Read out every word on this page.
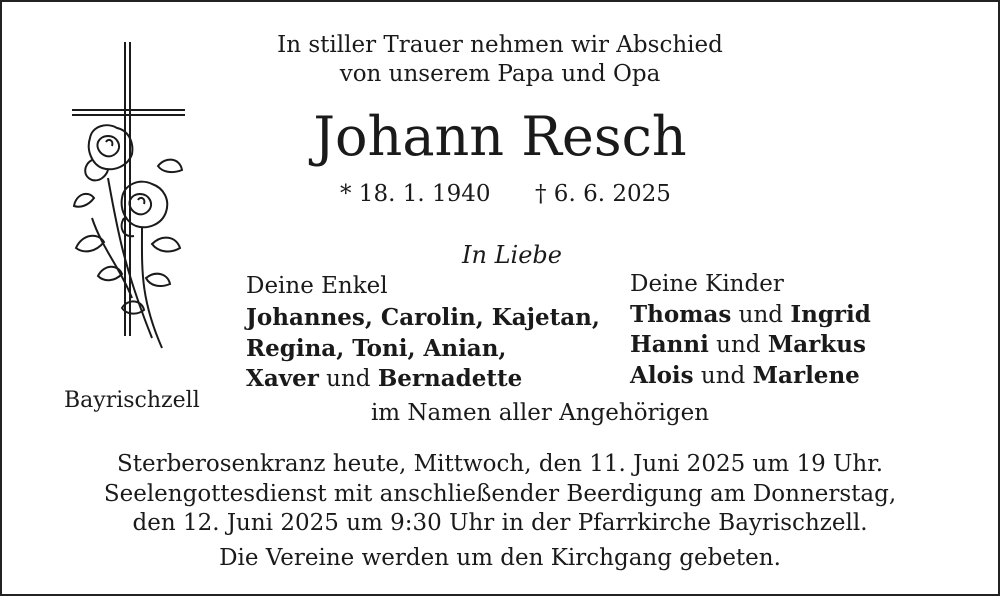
In stiller Trauer nehmen wir Abschied
von unserem Papa und Opa
Johann Resch
* 18. 1. 1940 † 6. 6. 2025
In Liebe
Deine Enkel
Johannes, Carolin, Kajetan,
Regina, Toni, Anian,
Xaver und Bernadette
Deine Kinder
Thomas und Ingrid
Hanni und Markus
Alois und Marlene
Bayrischzell	im Namen aller Angehörigen
Sterberosenkranz heute, Mittwoch, den 11. Juni 2025 um 19 Uhr.
Seelengottesdienst mit anschließender Beerdigung am Donnerstag,
den 12. Juni 2025 um 9:30 Uhr in der Pfarrkirche Bayrischzell.
Die Vereine werden um den Kirchgang gebeten.
